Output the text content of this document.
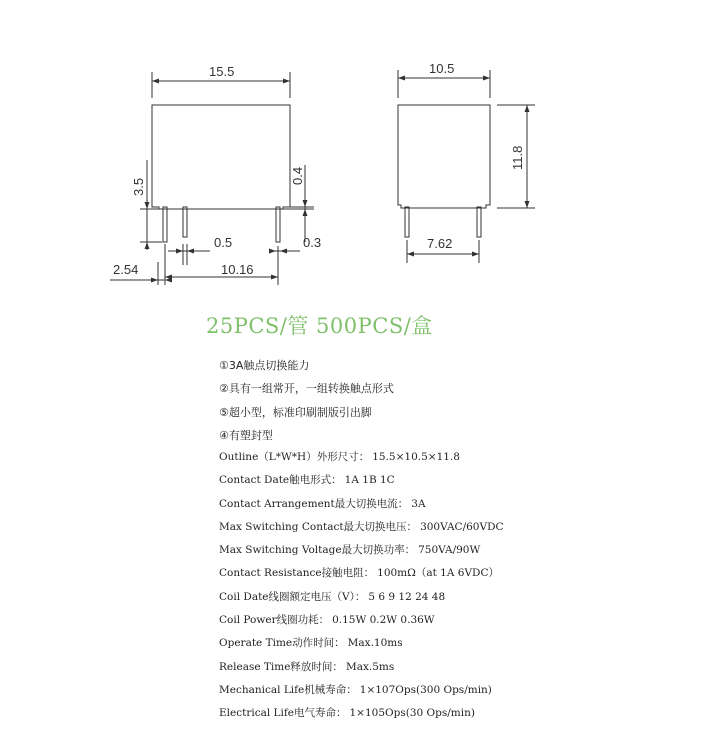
15.5
3.5
0.4
0.5	0.3
2.54	10.16
10.5
11.8
7.62
25PCS/管 500PCS/盒
①3A触点切换能力
②具有一组常开，一组转换触点形式
⑤超小型，标准印刷制版引出脚
④有塑封型
Outline（L*W*H）外形尺寸： 15.5×10.5×11.8
Contact Date触电形式： 1A 1B 1C
Contact Arrangement最大切换电流： 3A
Max Switching Contact最大切换电压： 300VAC/60VDC
Max Switching Voltage最大切换功率： 750VA/90W
Contact Resistance接触电阻： 100mΩ（at 1A 6VDC）
Coil Date线圈额定电压（V）： 5 6 9 12 24 48
Coil Power线圈功耗： 0.15W 0.2W 0.36W
Operate Time动作时间： Max.10ms
Release Time释放时间： Max.5ms
Mechanical Life机械寿命： 1×107Ops(300 Ops/min)
Electrical Life电气寿命： 1×105Ops(30 Ops/min)
